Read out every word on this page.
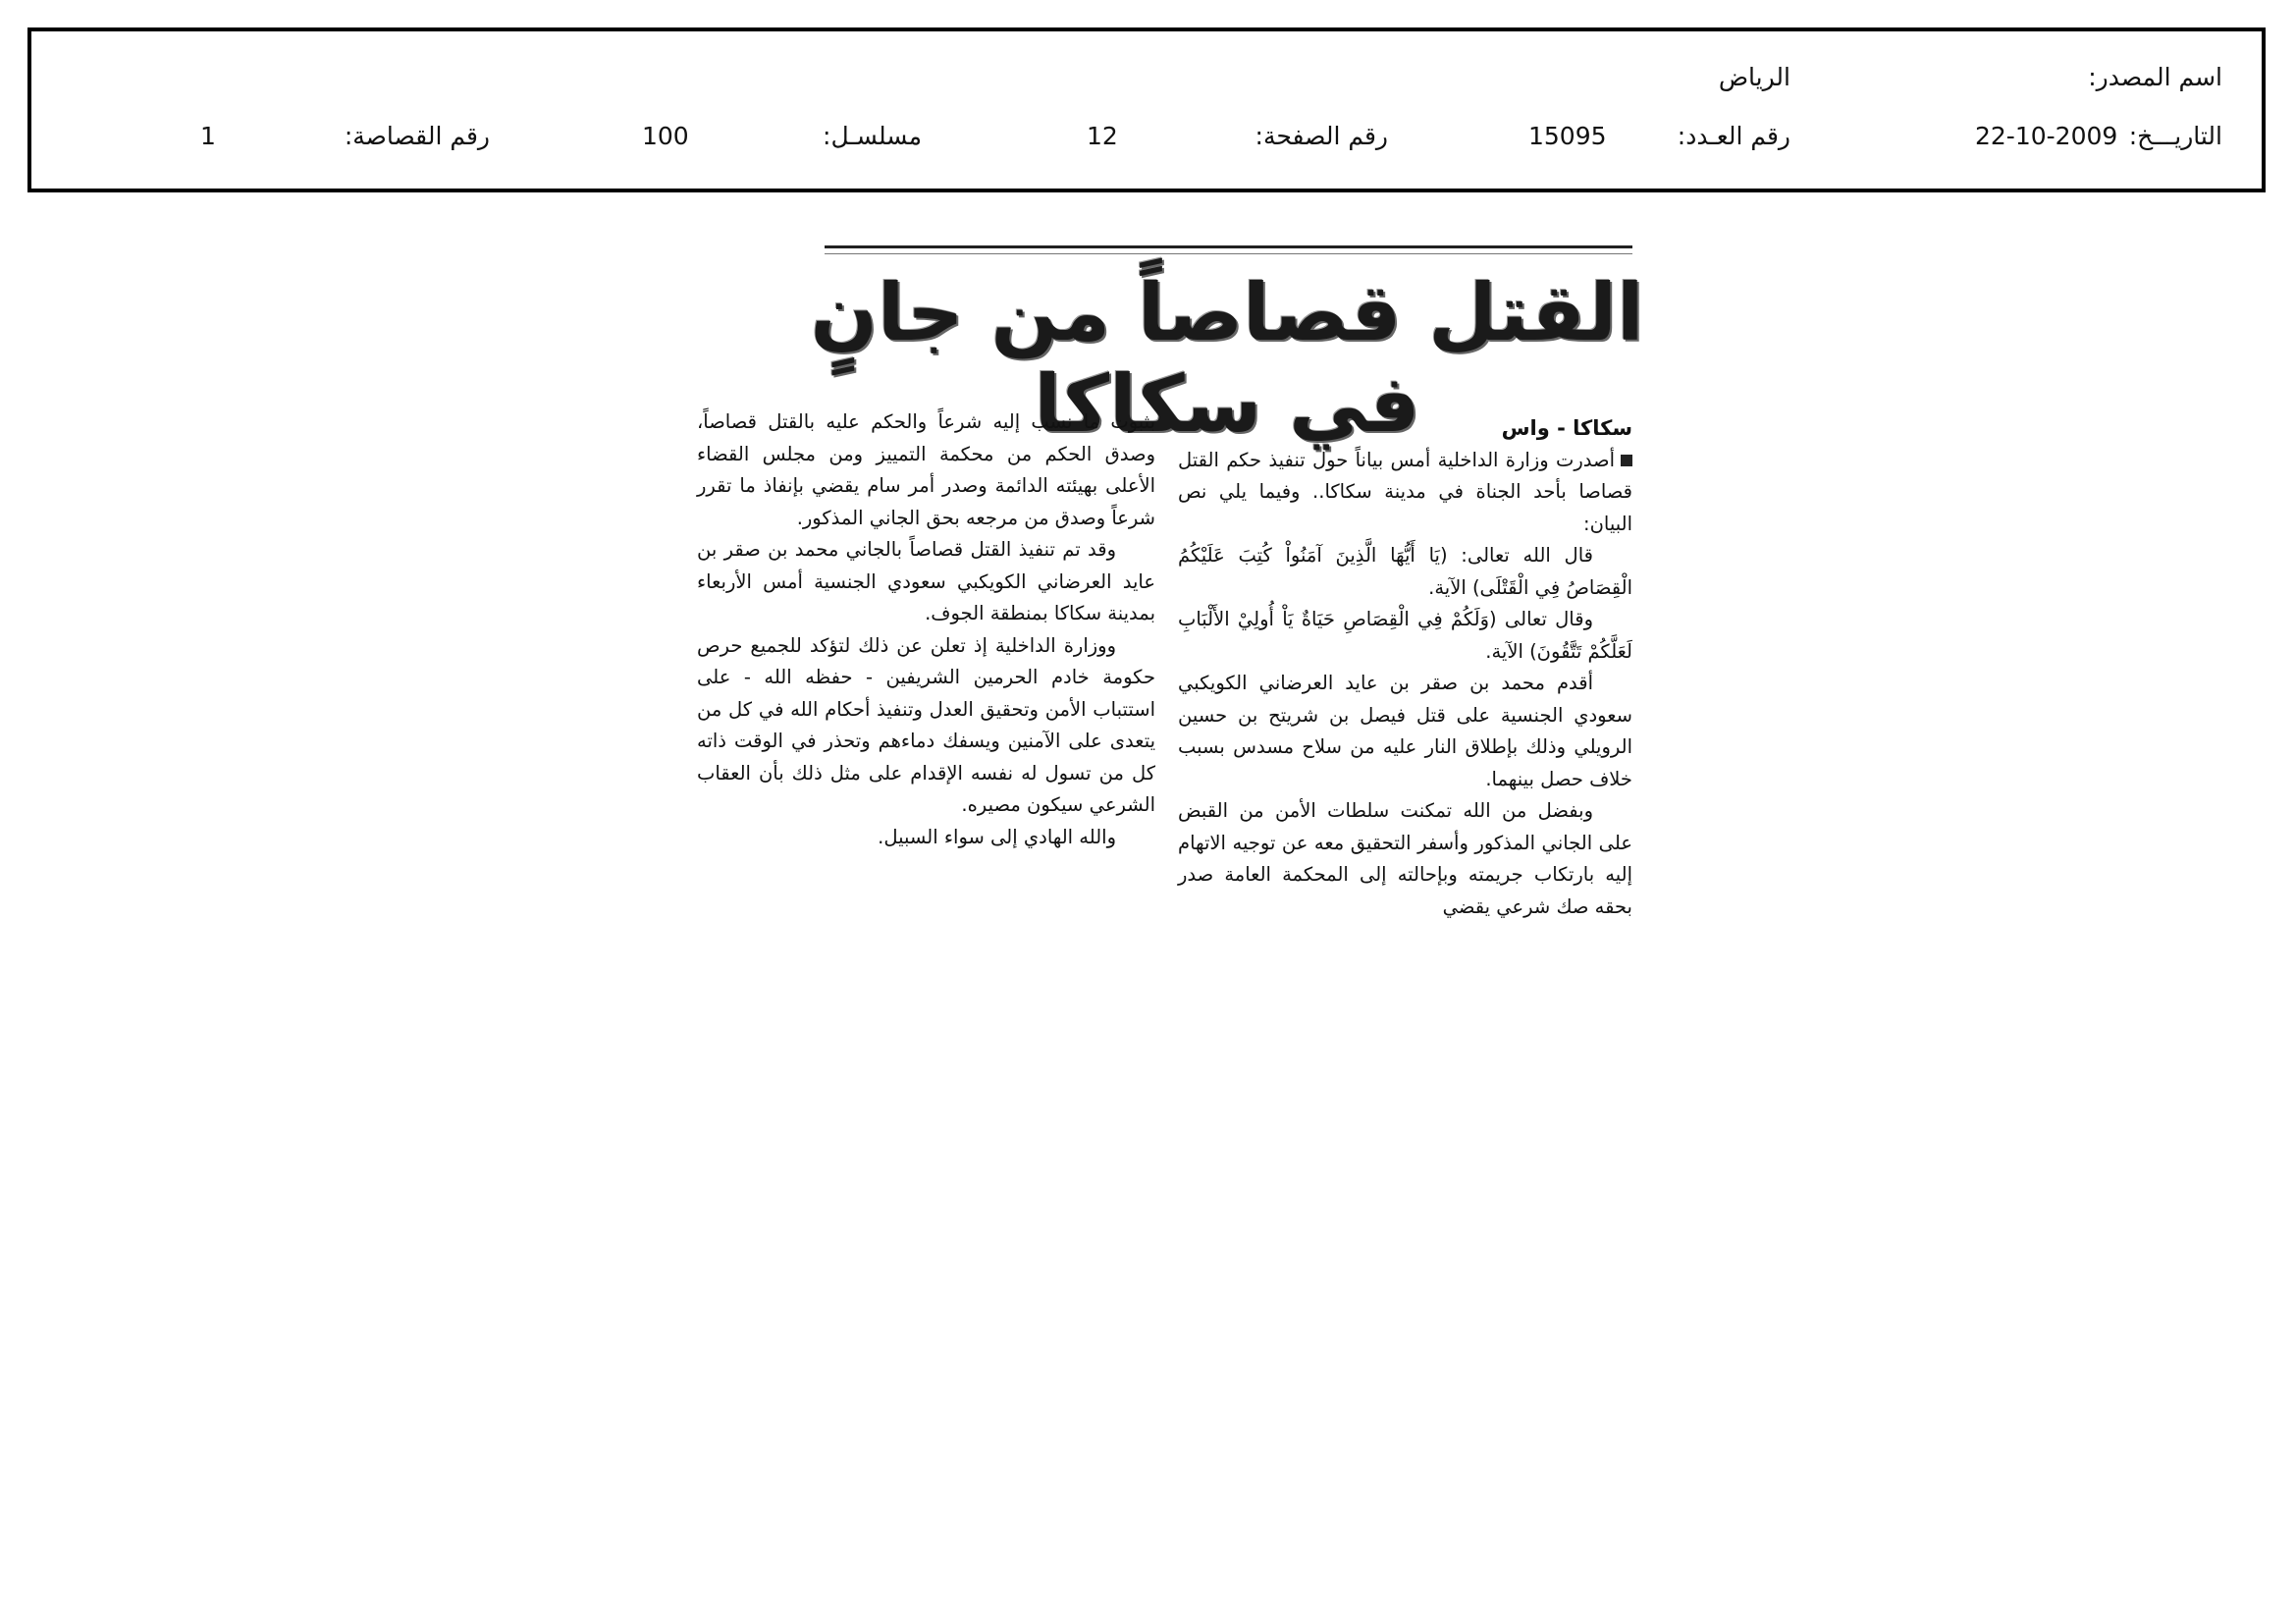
اسم المصدر:
الرياض
التاريـــخ:
22-10-2009
رقم العـدد:
15095
رقم الصفحة:
12
مسلسـل:
100
رقم القصاصة:
1
القتل قصاصاً من جانٍ في سكاكا	سكاكا - واس

أصدرت وزارة الداخلية أمس بياناً حول تنفيذ حكم القتل قصاصا بأحد الجناة في مدينة سكاكا.. وفيما يلي نص البيان:

قال الله تعالى: (يَا أَيُّهَا الَّذِينَ آمَنُواْ كُتِبَ عَلَيْكُمُ الْقِصَاصُ فِي الْقَتْلَى) الآية.

وقال تعالى (وَلَكُمْ فِي الْقِصَاصِ حَيَاةٌ يَاْ أُولِيْ الأَلْبَابِ لَعَلَّكُمْ تَتَّقُونَ) الآية.

أقدم محمد بن صقر بن عايد العرضاني الكويكبي سعودي الجنسية على قتل فيصل بن شريتح بن حسين الرويلي وذلك بإطلاق النار عليه من سلاح مسدس بسبب خلاف حصل بينهما.

وبفضل من الله تمكنت سلطات الأمن من القبض على الجاني المذكور وأسفر التحقيق معه عن توجيه الاتهام إليه بارتكاب جريمته وبإحالته إلى المحكمة العامة صدر بحقه صك شرعي يقضي

بثبوت ما نسب إليه شرعاً والحكم عليه بالقتل قصاصاً، وصدق الحكم من محكمة التمييز ومن مجلس القضاء الأعلى بهيئته الدائمة وصدر أمر سام يقضي بإنفاذ ما تقرر شرعاً وصدق من مرجعه بحق الجاني المذكور.

وقد تم تنفيذ القتل قصاصاً بالجاني محمد بن صقر بن عايد العرضاني الكويكبي سعودي الجنسية أمس الأربعاء بمدينة سكاكا بمنطقة الجوف.

ووزارة الداخلية إذ تعلن عن ذلك لتؤكد للجميع حرص حكومة خادم الحرمين الشريفين - حفظه الله - على استتباب الأمن وتحقيق العدل وتنفيذ أحكام الله في كل من يتعدى على الآمنين ويسفك دماءهم وتحذر في الوقت ذاته كل من تسول له نفسه الإقدام على مثل ذلك بأن العقاب الشرعي سيكون مصيره.

والله الهادي إلى سواء السبيل.
